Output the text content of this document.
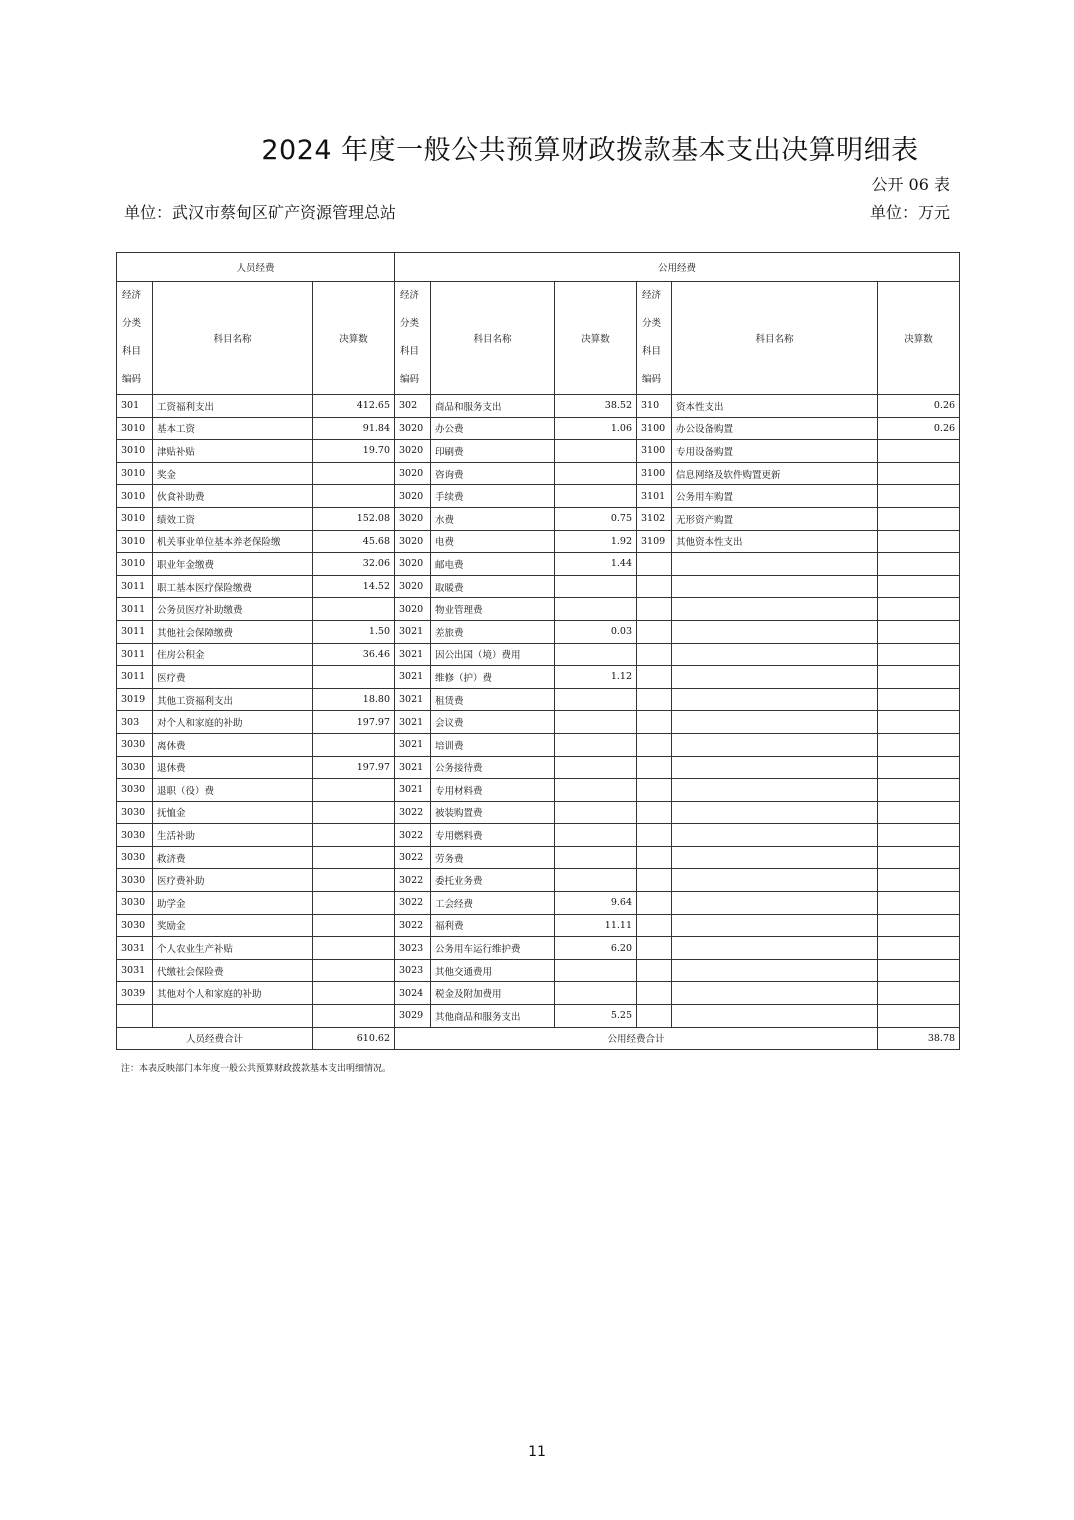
2024 年度一般公共预算财政拨款基本支出决算明细表
公开 06 表
单位：武汉市蔡甸区矿产资源管理总站	单位：万元
人员经费			公用经费					

经济分类科目编码	科目名称	决算数	经济分类科目编码	科目名称	决算数	经济分类科目编码	科目名称	决算数
301	工资福利支出	412.65	302	商品和服务支出	38.52	310	资本性支出	0.26
3010	基本工资	91.84	3020	办公费	1.06	3100	办公设备购置	0.26
3010	津贴补贴	19.70	3020	印刷费		3100	专用设备购置	
3010	奖金		3020	咨询费		3100	信息网络及软件购置更新	
3010	伙食补助费		3020	手续费		3101	公务用车购置	
3010	绩效工资	152.08	3020	水费	0.75	3102	无形资产购置	
3010	机关事业单位基本养老保险缴	45.68	3020	电费	1.92	3109	其他资本性支出	
3010	职业年金缴费	32.06	3020	邮电费	1.44			
3011	职工基本医疗保险缴费	14.52	3020	取暖费				
3011	公务员医疗补助缴费		3020	物业管理费				
3011	其他社会保障缴费	1.50	3021	差旅费	0.03			
3011	住房公积金	36.46	3021	因公出国（境）费用				
3011	医疗费		3021	维修（护）费	1.12			
3019	其他工资福利支出	18.80	3021	租赁费				
303	对个人和家庭的补助	197.97	3021	会议费				
3030	离休费		3021	培训费				
3030	退休费	197.97	3021	公务接待费				
3030	退职（役）费		3021	专用材料费				
3030	抚恤金		3022	被装购置费				
3030	生活补助		3022	专用燃料费				
3030	救济费		3022	劳务费				
3030	医疗费补助		3022	委托业务费				
3030	助学金		3022	工会经费	9.64			
3030	奖励金		3022	福利费	11.11			
3031	个人农业生产补贴		3023	公务用车运行维护费	6.20			
3031	代缴社会保险费		3023	其他交通费用				
3039	其他对个人和家庭的补助		3024	税金及附加费用				
			3029	其他商品和服务支出	5.25			
人员经费合计		610.62	公用经费合计					38.78
注：本表反映部门本年度一般公共预算财政拨款基本支出明细情况。
11
